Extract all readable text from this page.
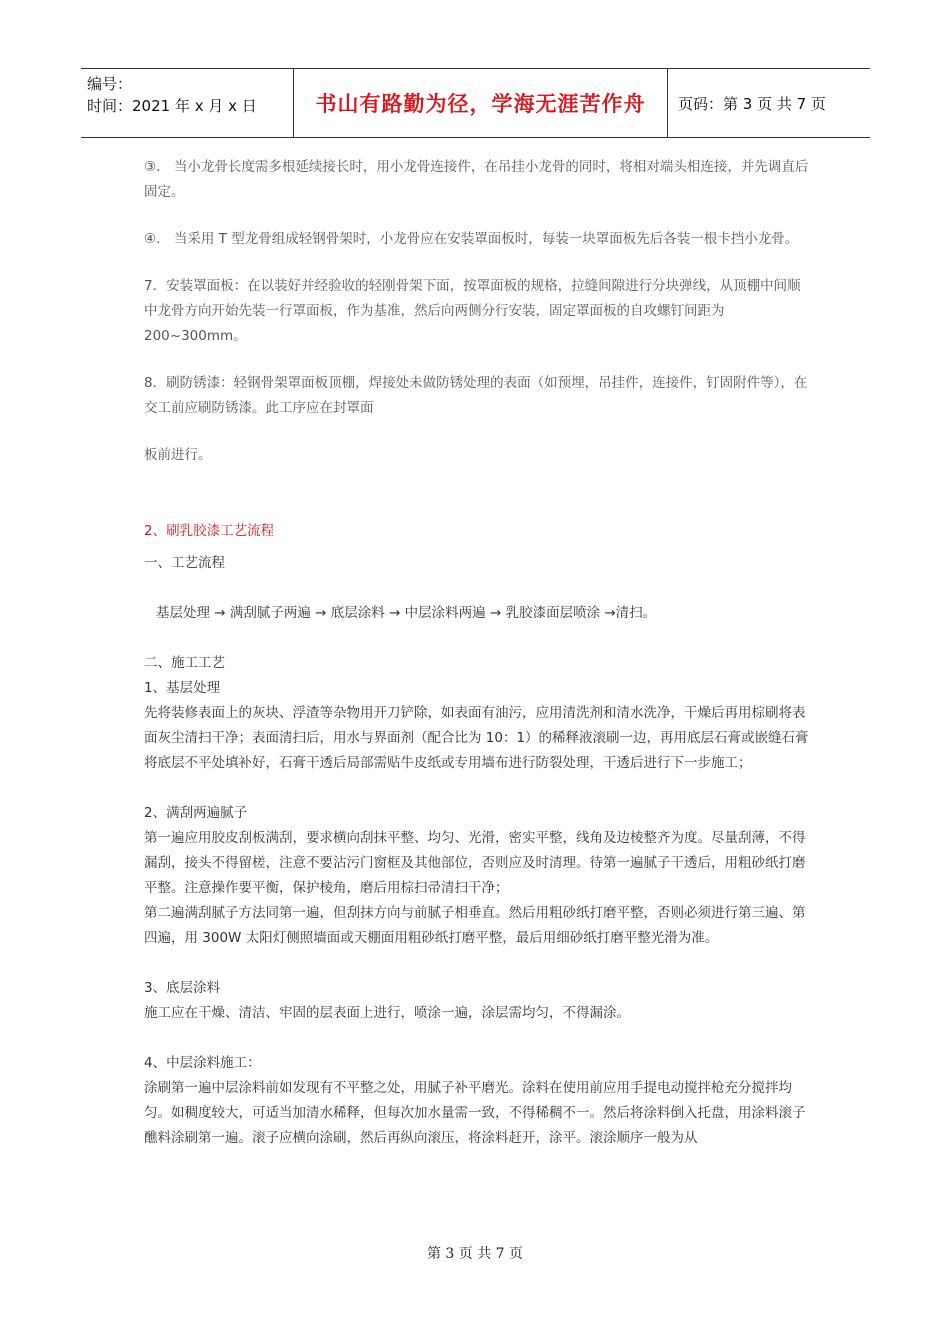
编号：
时间：2021 年 x 月 x 日	书山有路勤为径，学海无涯苦作舟	页码：第 3 页 共 7 页

③.　当小龙骨长度需多根延续接长时，用小龙骨连接件，在吊挂小龙骨的同时，将相对端头相连接，并先调直后固定。

④.　当采用 T 型龙骨组成轻钢骨架时，小龙骨应在安装罩面板时，每装一块罩面板先后各装一根卡挡小龙骨。

7．安装罩面板：在以装好并经验收的轻刚骨架下面，按罩面板的规格，拉缝间隙进行分块弹线，从顶棚中间顺中龙骨方向开始先装一行罩面板，作为基准，然后向两侧分行安装，固定罩面板的自攻螺钉间距为200~300mm。

8．刷防锈漆：轻钢骨架罩面板顶棚，焊接处未做防锈处理的表面（如预埋，吊挂件，连接件，钉固附件等），在交工前应刷防锈漆。此工序应在封罩面

板前进行。

2、刷乳胶漆工艺流程

一、工艺流程

基层处理 → 满刮腻子两遍 → 底层涂料 → 中层涂料两遍 → 乳胶漆面层喷涂 →清扫。

二、施工工艺

1、基层处理

先将装修表面上的灰块、浮渣等杂物用开刀铲除，如表面有油污，应用清洗剂和清水洗净，干燥后再用棕刷将表面灰尘清扫干净；表面清扫后，用水与界面剂（配合比为 10：1）的稀释液滚刷一边，再用底层石膏或嵌缝石膏将底层不平处填补好，石膏干透后局部需贴牛皮纸或专用墙布进行防裂处理，干透后进行下一步施工；

2、满刮两遍腻子

第一遍应用胶皮刮板满刮，要求横向刮抹平整、均匀、光滑，密实平整，线角及边棱整齐为度。尽量刮薄，不得漏刮，接头不得留槎，注意不要沾污门窗框及其他部位，否则应及时清理。待第一遍腻子干透后，用粗砂纸打磨平整。注意操作要平衡，保护棱角，磨后用棕扫帚清扫干净；

第二遍满刮腻子方法同第一遍，但刮抹方向与前腻子相垂直。然后用粗砂纸打磨平整，否则必须进行第三遍、第四遍，用 300W 太阳灯侧照墙面或天棚面用粗砂纸打磨平整，最后用细砂纸打磨平整光滑为准。

3、底层涂料

施工应在干燥、清洁、牢固的层表面上进行，喷涂一遍，涂层需均匀，不得漏涂。

4、中层涂料施工：

涂刷第一遍中层涂料前如发现有不平整之处，用腻子补平磨光。涂料在使用前应用手提电动搅拌枪充分搅拌均匀。如稠度较大，可适当加清水稀释，但每次加水量需一致，不得稀稠不一。然后将涂料倒入托盘，用涂料滚子醮料涂刷第一遍。滚子应横向涂刷，然后再纵向滚压，将涂料赶开，涂平。滚涂顺序一般为从

第 3 页 共 7 页
